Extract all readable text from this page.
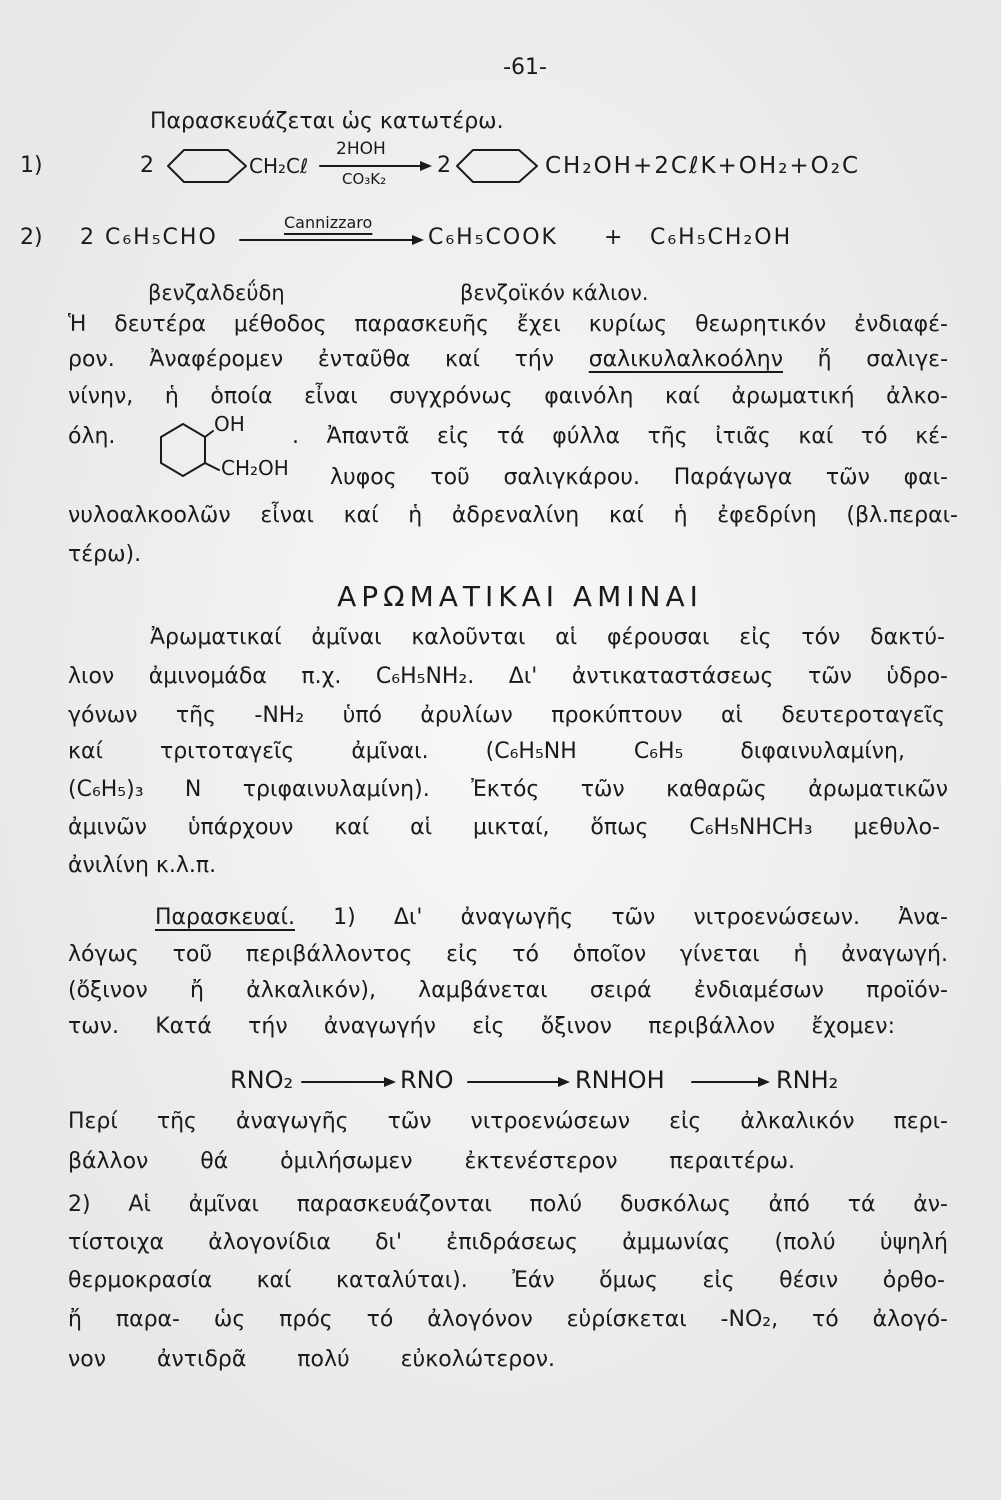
-61-
Παρασκευάζεται ὡς κατωτέρω.
1)	2	CH₂Cℓ
2HOH
CO₃K₂
2	CH₂OH+2CℓK+OH₂+O₂C
2) 2 C₆H₅CHO
Cannizzaro
C₆H₅COOK + C₆H₅CH₂OH
βενζαλδεΰδη	βενζοϊκόν κάλιον.
Ἡ δευτέρα μέθοδος παρασκευῆς ἔχει κυρίως θεωρητικόν ἐνδιαφέ-
ρον. Ἀναφέρομεν ἐνταῦθα καί τήν σαλικυλαλκοόλην ἤ σαλιγε-
νίνην, ἡ ὁποία εἶναι συγχρόνως φαινόλη καί ἀρωματική ἀλκο-
όλη.	OH
CH₂OH
. Ἀπαντᾶ εἰς τά φύλλα τῆς ἰτιᾶς καί τό κέ-
λυφος τοῦ σαλιγκάρου. Παράγωγα τῶν φαι-
νυλοαλκοολῶν εἶναι καί ἡ ἀδρεναλίνη καί ἡ ἐφεδρίνη (βλ.περαι-
τέρω).
ΑΡΩΜΑΤΙΚΑΙ ΑΜΙΝΑΙ
Ἀρωματικαί ἀμῖναι καλοῦνται αἱ φέρουσαι εἰς τόν δακτύ-
λιον ἀμινομάδα π.χ. C₆H₅NH₂. Δι' ἀντικαταστάσεως τῶν ὑδρο-
γόνων τῆς -NH₂ ὑπό ἀρυλίων προκύπτουν αἱ δευτεροταγεῖς
καί τριτοταγεῖς ἀμῖναι. (C₆H₅NH C₆H₅ διφαινυλαμίνη,
(C₆H₅)₃ N τριφαινυλαμίνη). Ἐκτός τῶν καθαρῶς ἀρωματικῶν
ἀμινῶν ὑπάρχουν καί αἱ μικταί, ὅπως C₆H₅NHCH₃ μεθυλο-
ἀνιλίνη κ.λ.π.
Παρασκευαί. 1) Δι' ἀναγωγῆς τῶν νιτροενώσεων. Ἀνα-
λόγως τοῦ περιβάλλοντος εἰς τό ὁποῖον γίνεται ἡ ἀναγωγή.
(ὄξινον ἤ ἀλκαλικόν), λαμβάνεται σειρά ἐνδιαμέσων προϊόν-
των. Κατά τήν ἀναγωγήν εἰς ὄξινον περιβάλλον ἔχομεν:
RNO₂	RNO	RNHOH	RNH₂
Περί τῆς ἀναγωγῆς τῶν νιτροενώσεων εἰς ἀλκαλικόν περι-
βάλλον θά ὁμιλήσωμεν ἐκτενέστερον περαιτέρω.
2) Αἱ ἀμῖναι παρασκευάζονται πολύ δυσκόλως ἀπό τά ἀν-
τίστοιχα ἀλογονίδια δι' ἐπιδράσεως ἀμμωνίας (πολύ ὑψηλή
θερμοκρασία καί καταλύται). Ἐάν ὅμως εἰς θέσιν ὀρθο-
ἤ παρα- ὡς πρός τό ἀλογόνον εὑρίσκεται -NO₂, τό ἀλογό-
νον ἀντιδρᾶ πολύ εὐκολώτερον.
